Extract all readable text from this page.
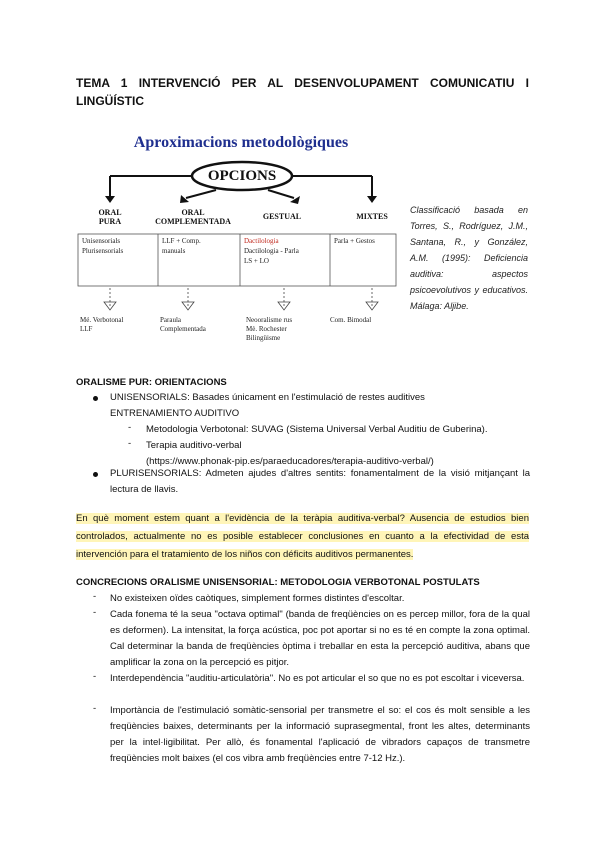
TEMA 1 INTERVENCIÓ PER AL DESENVOLUPAMENT COMUNICATIU I
LINGÜÍSTIC
Aproximacions metodològiques
OPCIONS
ORAL
PURA
ORAL
COMPLEMENTADA
GESTUAL	MIXTES
Unisensorials
Plurisensorials
LLF + Comp.
manuals
Dactilologia
Dactilologia - Parla
LS + LO
Parla + Gestos
Mé. Verbotonal
LLF
Paraula
Complementada
Neooralisme rus
Mè. Rochester
Bilingüisme
Com. Bimodal
Classificació basada en Torres, S., Rodríguez, J.M., Santana, R., y González, A.M. (1995): Deficiencia auditiva: aspectos psicoevolutivos y educativos. Málaga: Aljibe.
ORALISME PUR: ORIENTACIONS
UNISENSORIALS: Basades únicament en l'estimulació de restes auditives
ENTRENAMIENTO AUDITIVO
- Metodologia Verbotonal: SUVAG (Sistema Universal Verbal Auditiu de Guberina).
- Terapia auditivo-verbal
(https://www.phonak-pip.es/paraeducadores/terapia-auditivo-verbal/)
PLURISENSORIALS: Admeten ajudes d'altres sentits: fonamentalment de la visió mitjançant la lectura de llavis.
En què moment estem quant a l'evidència de la teràpia auditiva-verbal? Ausencia de estudios bien controlados, actualmente no es posible establecer conclusiones en cuanto a la efectividad de esta intervención para el tratamiento de los niños con déficits auditivos permanentes.
CONCRECIONS ORALISME UNISENSORIAL: METODOLOGIA VERBOTONAL POSTULATS
- No existeixen oïdes caòtiques, simplement formes distintes d'escoltar.
- Cada fonema té la seua "octava optimal" (banda de freqüències on es percep millor, fora de la qual es deformen). La intensitat, la força acústica, poc pot aportar si no es té en compte la zona optimal. Cal determinar la banda de freqüències òptima i treballar en esta la percepció auditiva, abans que amplificar la zona on la percepció es pitjor.
- Interdependència "auditiu-articulatòria". No es pot articular el so que no es pot escoltar i viceversa.
- Importància de l'estimulació somàtic-sensorial per transmetre el so: el cos és molt sensible a les freqüències baixes, determinants per la informació suprasegmental, front les altes, determinants per la intel·ligibilitat. Per allò, és fonamental l'aplicació de vibradors capaços de transmetre freqüències molt baixes (el cos vibra amb freqüències entre 7-12 Hz.).
